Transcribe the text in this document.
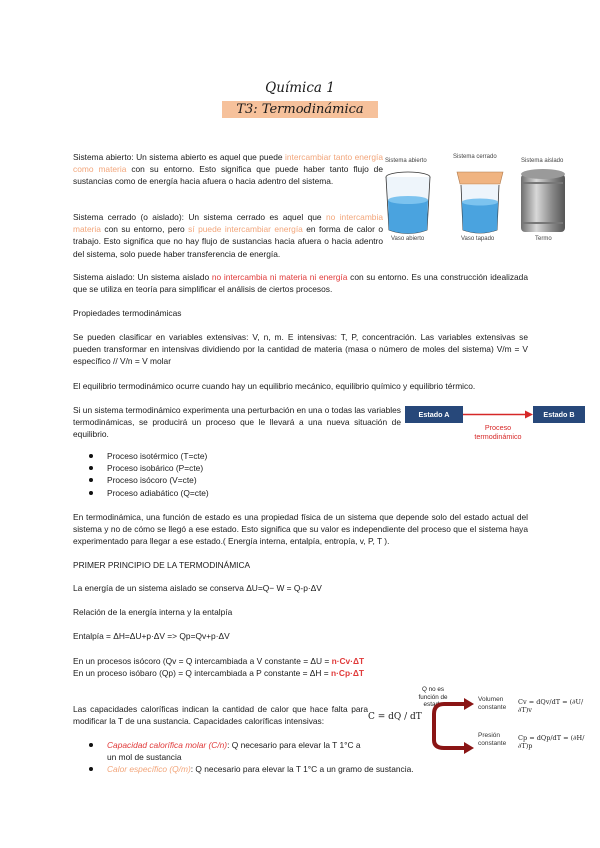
Química 1
T3: Termodinámica

Sistema abierto: Un sistema abierto es aquel que puede intercambiar tanto energía como materia con su entorno. Esto significa que puede haber tanto flujo de sustancias como de energía hacia afuera o hacia adentro del sistema.

Sistema cerrado (o aislado): Un sistema cerrado es aquel que no intercambia materia con su entorno, pero sí puede intercambiar energía en forma de calor o trabajo. Esto significa que no hay flujo de sustancias hacia afuera o hacia adentro del sistema, solo puede haber transferencia de energía.

Sistema abierto
Sistema cerrado
Sistema aislado
Vaso abierto	Vaso tapado	Termo

Sistema aislado: Un sistema aislado no intercambia ni materia ni energía con su entorno. Es una construcción idealizada que se utiliza en teoría para simplificar el análisis de ciertos procesos.

Propiedades termodinámicas

Se pueden clasificar en variables extensivas: V, n, m. E intensivas: T, P, concentración. Las variables extensivas se pueden transformar en intensivas dividiendo por la cantidad de materia (masa o número de moles del sistema) V/m = V específico // V/n = V molar

El equilibrio termodinámico ocurre cuando hay un equilibrio mecánico, equilibrio químico y equilibrio térmico.

Si un sistema termodinámico experimenta una perturbación en una o todas las variables termodinámicas, se producirá un proceso que le llevará a una nueva situación de equilibrio.

Estado A	Estado B
Proceso termodinámico
Proceso isotérmico (T=cte)
Proceso isobárico (P=cte)
Proceso isócoro (V=cte)
Proceso adiabático (Q=cte)

En termodinámica, una función de estado es una propiedad física de un sistema que depende solo del estado actual del sistema y no de cómo se llegó a ese estado. Esto significa que su valor es independiente del proceso que el sistema haya experimentado para llegar a ese estado.( Energía interna, entalpía, entropía, v, P, T ).

PRIMER PRINCIPIO DE LA TERMODINÁMICA

La energía de un sistema aislado se conserva ΔU=Q− W = Q-p·ΔV

Relación de la energía interna y la entalpía

Entalpía = ΔH=ΔU+p·ΔV => Qp=Qv+p·ΔV

En un procesos isócoro (Qv = Q intercambiada a V constante = ΔU = n·Cv·ΔT

En un proceso isóbaro (Qp) = Q intercambiada a P constante = ΔH = n·Cp·ΔT

Las capacidades caloríficas indican la cantidad de calor que hace falta para modificar la T de una sustancia. Capacidades caloríficas intensivas:	C = dQ / dT
Capacidad calorífica molar (C/n): Q necesario para elevar la T 1°C a un mol de sustancia
Calor específico (Q/m): Q necesario para elevar la T 1°C a un gramo de sustancia.
Q no es función de estado
Volumen constante
Cv = dQv/dT = (∂U/∂T)v
Presión constante
Cp = dQp/dT = (∂H/∂T)p
